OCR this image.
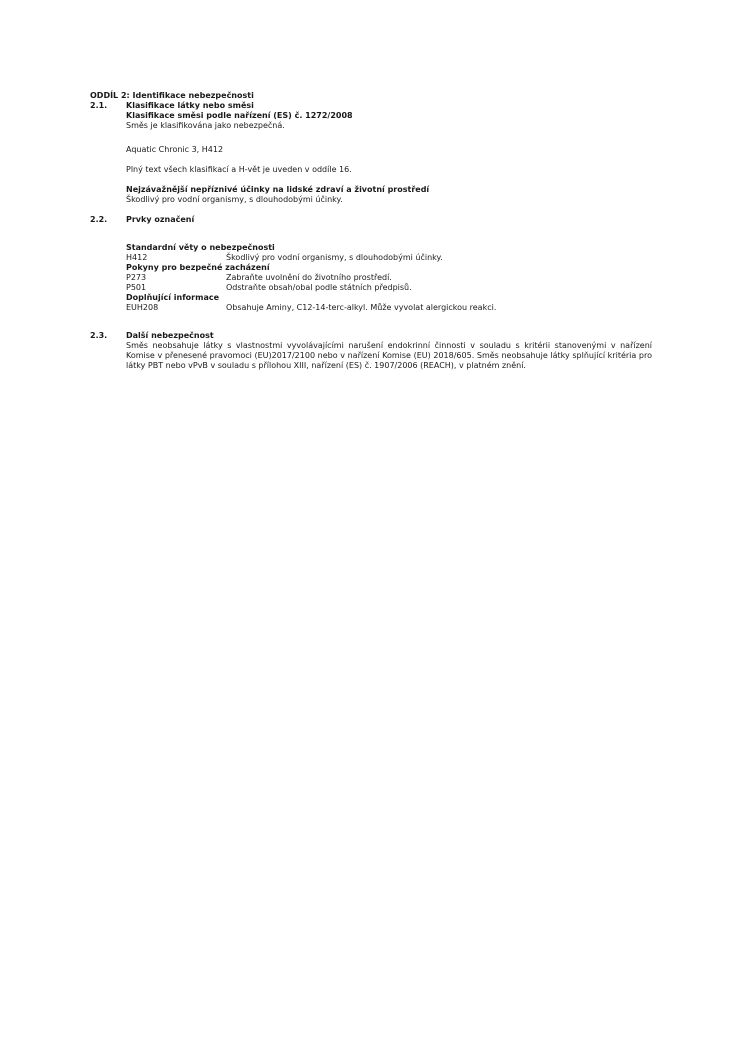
ODDÍL 2: Identifikace nebezpečnosti
2.1.	Klasifikace látky nebo směsi
Klasifikace směsi podle nařízení (ES) č. 1272/2008
Směs je klasifikována jako nebezpečná.
Aquatic Chronic 3, H412
Plný text všech klasifikací a H-vět je uveden v oddíle 16.
Nejzávažnější nepříznivé účinky na lidské zdraví a životní prostředí
Škodlivý pro vodní organismy, s dlouhodobými účinky.
2.2.	Prvky označení
Standardní věty o nebezpečnosti
H412	Škodlivý pro vodní organismy, s dlouhodobými účinky.
Pokyny pro bezpečné zacházení
P273	Zabraňte uvolnění do životního prostředí.
P501	Odstraňte obsah/obal podle státních předpisů.
Doplňující informace
EUH208	Obsahuje Aminy, C12-14-terc-alkyl. Může vyvolat alergickou reakci.
2.3.	Další nebezpečnost
Směs neobsahuje látky s vlastnostmi vyvolávajícími narušení endokrinní činnosti v souladu s kritérii stanovenými v nařízení Komise v přenesené pravomoci (EU)2017/2100 nebo v nařízení Komise (EU) 2018/605. Směs neobsahuje látky splňující kritéria pro látky PBT nebo vPvB v souladu s přílohou XIII, nařízení (ES) č. 1907/2006 (REACH), v platném znění.
